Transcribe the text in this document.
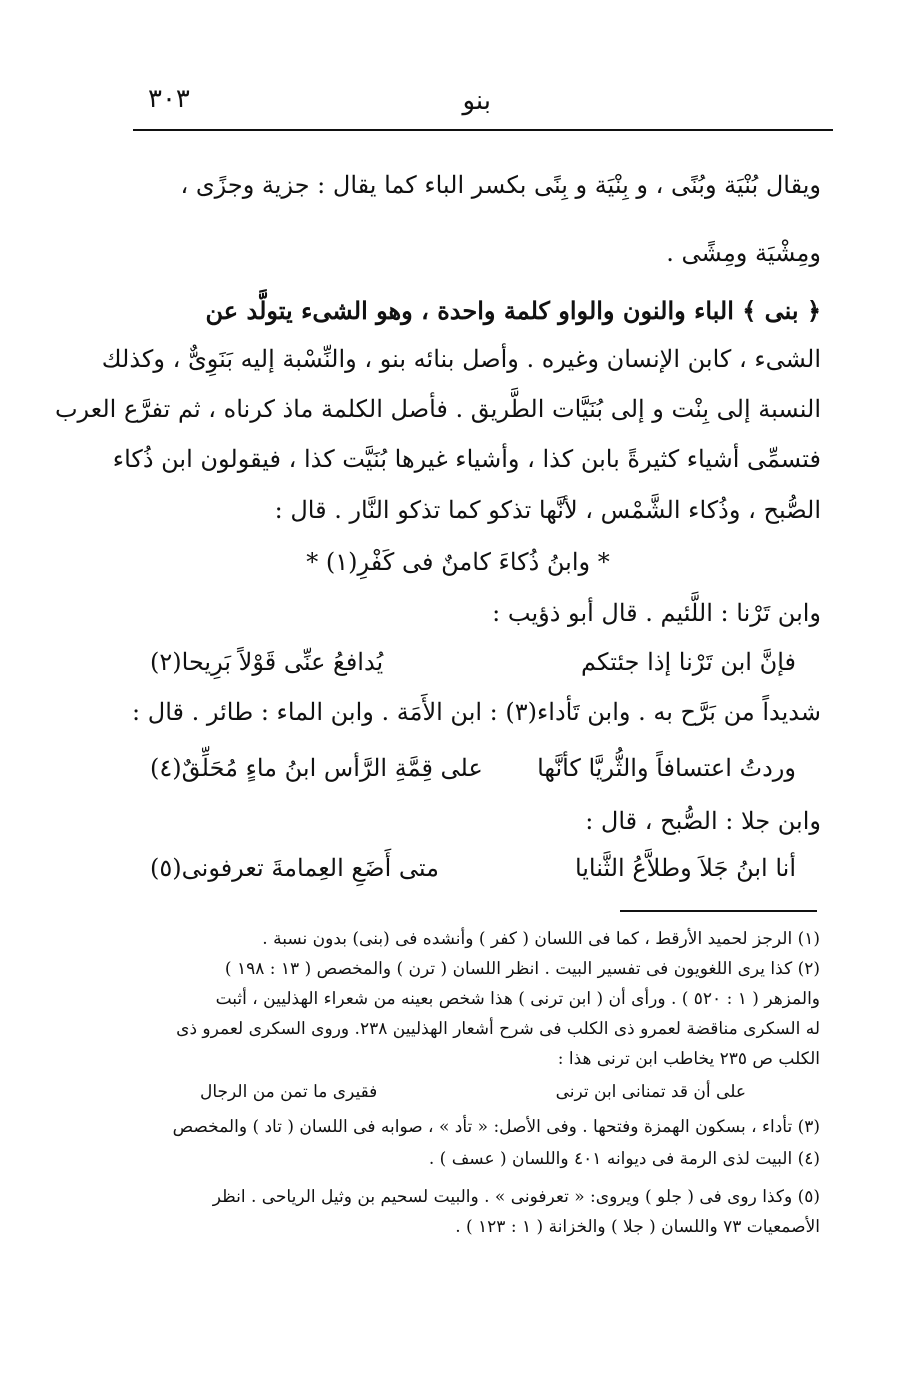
بنو
٣٠٣
ويقال بُنْيَة وبُنًى ، و بِنْيَة و بِنًى بكسر الباء كما يقال : جزية وجزًى ،
ومِشْيَة ومِشًى .
﴿ بنى ﴾ الباء والنون والواو كلمة واحدة ، وهو الشىء يتولَّد عن
الشىء ، كابن الإنسان وغيره . وأصل بنائه بنو ، والنِّسْبة إليه بَنَوِىٌّ ، وكذلك
النسبة إلى بِنْت و إلى بُنَيَّات الطَّريق . فأصل الكلمة ماذ كرناه ، ثم تفرَّع العرب
فتسمِّى أشياء كثيرةً بابن كذا ، وأشياء غيرها بُنَيَّت كذا ، فيقولون ابن ذُكاء
الصُّبح ، وذُكاء الشَّمْس ، لأنَّها تذكو كما تذكو النَّار . قال :
* وابنُ ذُكاءَ كامنٌ فى كَفْرِ(١) *
وابن تَرْنا : اللَّئيم . قال أبو ذؤيب :
فإنَّ ابن تَرْنا إذا جئتكم
يُدافعُ عنِّى قَوْلاً بَرِيحا(٢)
شديداً من بَرَّح به . وابن تَأداء(٣) : ابن الأَمَة . وابن الماء : طائر . قال :
وردتُ اعتسافاً والثُّريَّا كأنَّها
على قِمَّةِ الرَّأس ابنُ ماءٍ مُحَلِّقٌ(٤)
وابن جلا : الصُّبح ، قال :
أنا ابنُ جَلاَ وطلاَّعُ الثَّنايا
متى أَضَعِ العِمامةَ تعرفونى(٥)
(١) الرجز لحميد الأرقط ، كما فى اللسان ( كفر ) وأنشده فى (بنى) بدون نسبة .
(٢) كذا يرى اللغويون فى تفسير البيت . انظر اللسان ( ترن ) والمخصص ( ١٣ : ١٩٨ )
والمزهر ( ١ : ٥٢٠ ) . ورأى أن ( ابن ترنى ) هذا شخص بعينه من شعراء الهذليين ، أثبت
له السكرى مناقضة لعمرو ذى الكلب فى شرح أشعار الهذليين ٢٣٨. وروى السكرى لعمرو ذى
الكلب ص ٢٣٥ يخاطب ابن ترنى هذا :
على أن قد تمنانى ابن ترنى
فقيرى ما تمن من الرجال
(٣) تأداء ، بسكون الهمزة وفتحها . وفى الأصل: « تأد » ، صوابه فى اللسان ( تاد ) والمخصص
(٤) البيت لذى الرمة فى ديوانه ٤٠١ واللسان ( عسف ) .
(٥) وكذا روى فى ( جلو ) ويروى: « تعرفونى » . والبيت لسحيم بن وثيل الرياحى . انظر
الأصمعيات ٧٣ واللسان ( جلا ) والخزانة ( ١ : ١٢٣ ) .
